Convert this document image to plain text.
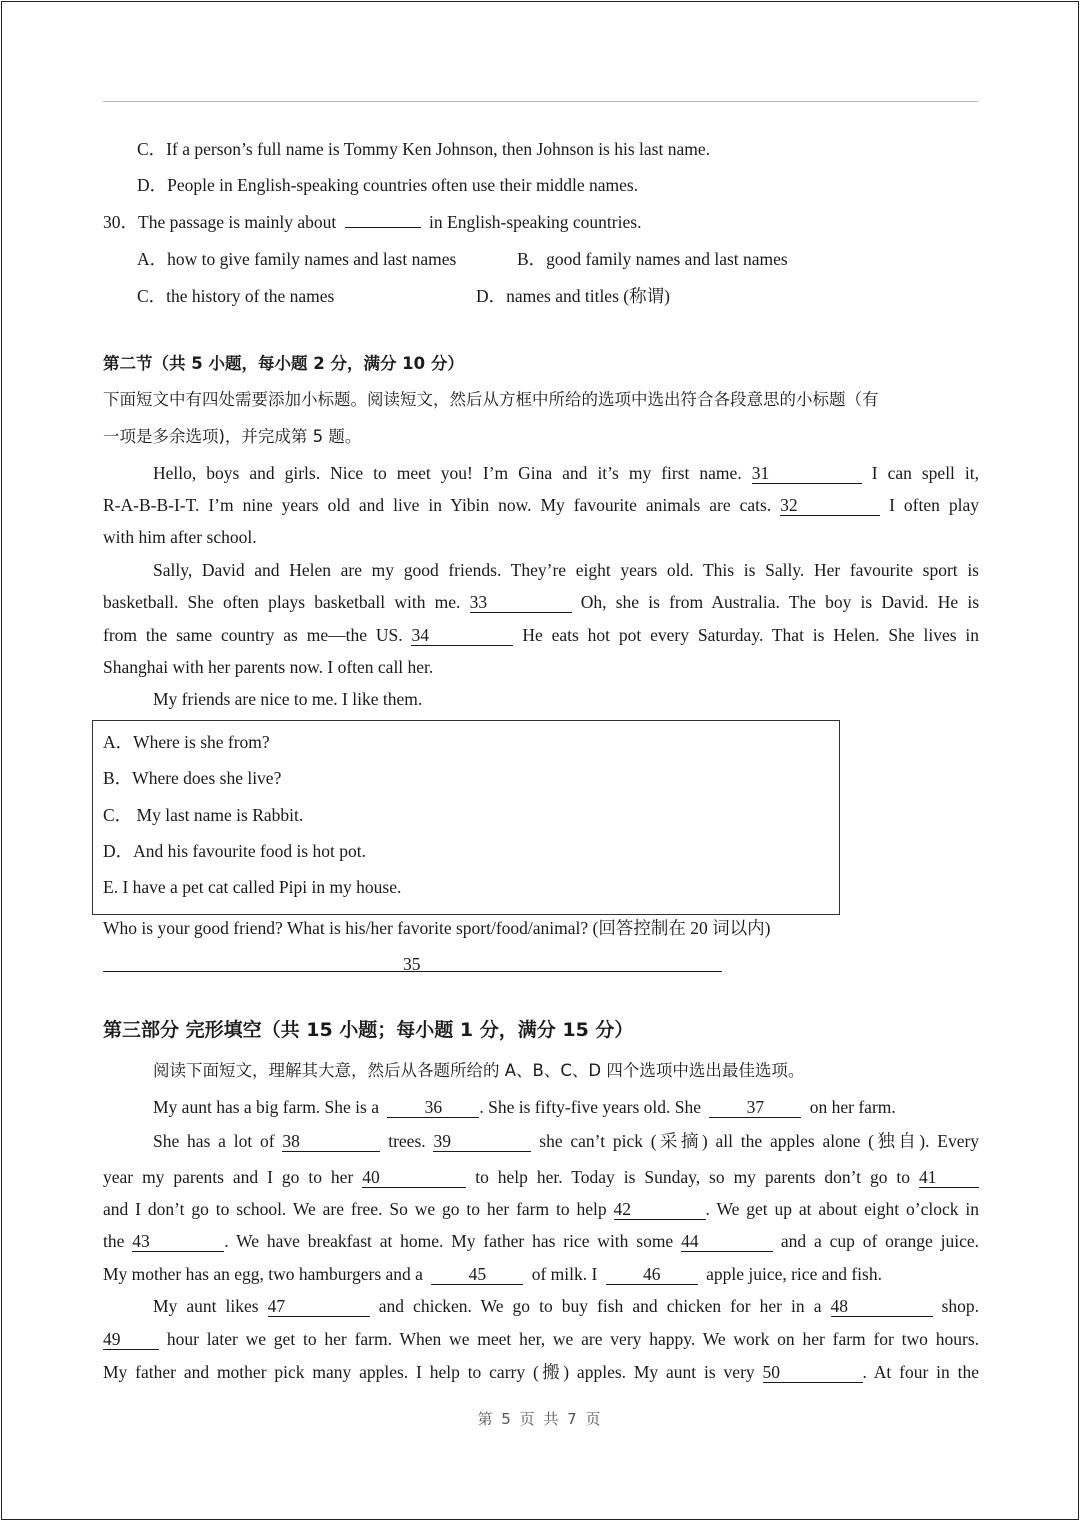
C．If a person’s full name is Tommy Ken Johnson, then Johnson is his last name.
D．People in English-speaking countries often use their middle names.
30．The passage is mainly about	in English-speaking countries.
A．how to give family names and last names	B．good family names and last names
C．the history of the names	D．names and titles (称谓)
第二节（共 5 小题，每小题 2 分，满分 10 分）
下面短文中有四处需要添加小标题。阅读短文，然后从方框中所给的选项中选出符合各段意思的小标题（有
一项是多余选项)，并完成第 5 题。
Hello, boys and girls. Nice to meet you! I’m Gina and it’s my first name. 31	I can spell it,
R-A-B-B-I-T. I’m nine years old and live in Yibin now. My favourite animals are cats. 32	I often play
with him after school.
Sally, David and Helen are my good friends. They’re eight years old. This is Sally. Her favourite sport is
basketball. She often plays basketball with me. 33	Oh, she is from Australia. The boy is David. He is
from the same country as me—the US. 34	He eats hot pot every Saturday. That is Helen. She lives in
Shanghai with her parents now. I often call her.
My friends are nice to me. I like them.
A．Where is she from?
B．Where does she live?
C． My last name is Rabbit.
D．And his favourite food is hot pot.
E. I have a pet cat called Pipi in my house.
Who is your good friend? What is his/her favorite sport/food/animal? (回答控制在 20 词以内)
35
第三部分 完形填空（共 15 小题；每小题 1 分，满分 15 分）
阅读下面短文，理解其大意，然后从各题所给的 A、B、C、D 四个选项中选出最佳选项。
My aunt has a big farm. She is a	36 . She is fifty-five years old. She	37	on her farm.
She has a lot of 38	trees. 39	she can’t pick (采摘) all the apples alone (独自). Every
year my parents and I go to her 40	to help her. Today is Sunday, so my parents don’t go to 41
and I don’t go to school. We are free. So we go to her farm to help 42	. We get up at about eight o’clock in
the 43	. We have breakfast at home. My father has rice with some 44	and a cup of orange juice.
My mother has an egg, two hamburgers and a	45	of milk. I	46	apple juice, rice and fish.
My aunt likes 47	and chicken. We go to buy fish and chicken for her in a 48	shop.
49	hour later we get to her farm. When we meet her, we are very happy. We work on her farm for two hours.
My father and mother pick many apples. I help to carry (搬) apples. My aunt is very 50	. At four in the
第 5 页 共 7 页
